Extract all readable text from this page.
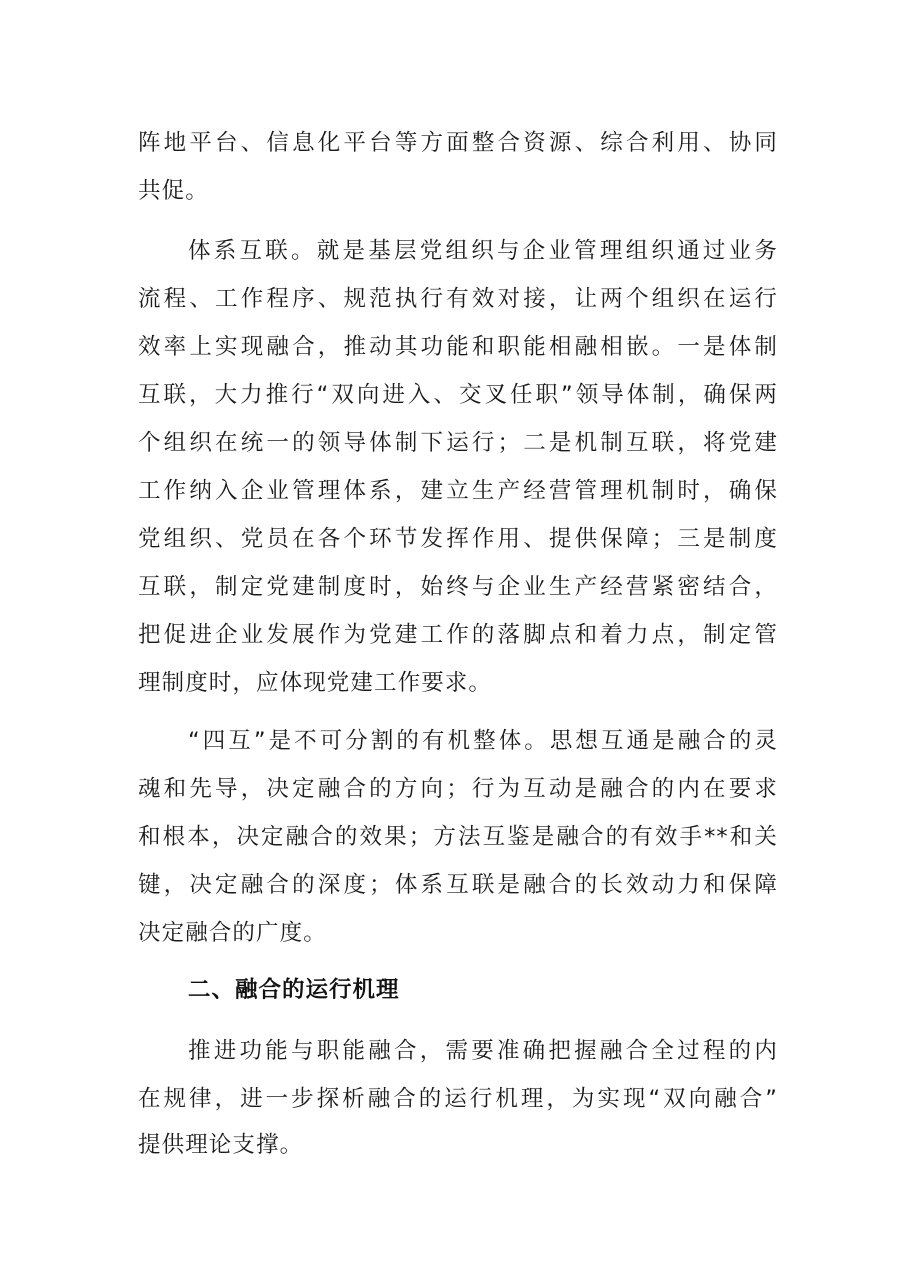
阵地平台、信息化平台等方面整合资源、综合利用、协同
共促。
体系互联。就是基层党组织与企业管理组织通过业务
流程、工作程序、规范执行有效对接，让两个组织在运行
效率上实现融合，推动其功能和职能相融相嵌。一是体制
互联，大力推行“双向进入、交叉任职”领导体制，确保两
个组织在统一的领导体制下运行；二是机制互联，将党建
工作纳入企业管理体系，建立生产经营管理机制时，确保
党组织、党员在各个环节发挥作用、提供保障；三是制度
互联，制定党建制度时，始终与企业生产经营紧密结合，
把促进企业发展作为党建工作的落脚点和着力点，制定管
理制度时，应体现党建工作要求。
“四互”是不可分割的有机整体。思想互通是融合的灵
魂和先导，决定融合的方向；行为互动是融合的内在要求
和根本，决定融合的效果；方法互鉴是融合的有效手**和关
键，决定融合的深度；体系互联是融合的长效动力和保障
决定融合的广度。
二、融合的运行机理
推进功能与职能融合，需要准确把握融合全过程的内
在规律，进一步探析融合的运行机理，为实现“双向融合”
提供理论支撑。
